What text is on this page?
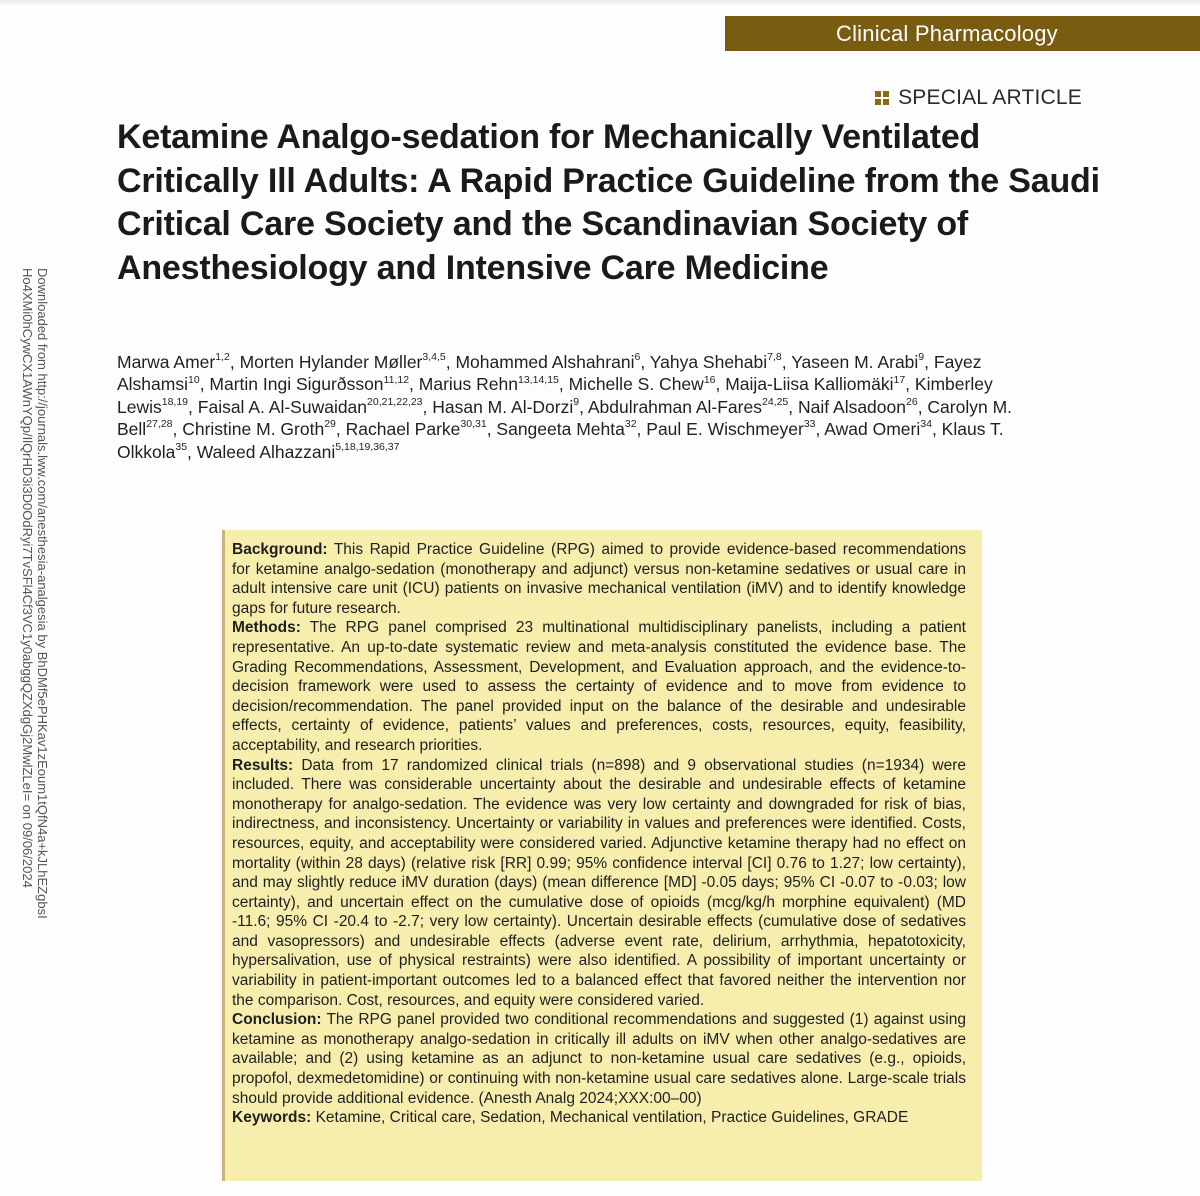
Clinical Pharmacology
SPECIAL ARTICLE
Ketamine Analgo-sedation for Mechanically Ventilated Critically Ill Adults: A Rapid Practice Guideline from the Saudi Critical Care Society and the Scandinavian Society of Anesthesiology and Intensive Care Medicine

Marwa Amer$^{1,2}$, Morten Hylander Møller$^{3,4,5}$, Mohammed Alshahrani$^6$, Yahya Shehabi$^{7,8}$, Yaseen M. Arabi$^9$, Fayez Alshamsi$^{10}$, Martin Ingi Sigurðsson$^{11,12}$, Marius Rehn$^{13,14,15}$, Michelle S. Chew$^{16}$, Maija-Liisa Kalliomäki$^{17}$, Kimberley Lewis$^{18,19}$, Faisal A. Al-Suwaidan$^{20,21,22,23}$, Hasan M. Al-Dorzi$^9$, Abdulrahman Al-Fares$^{24,25}$, Naif Alsadoon$^{26}$, Carolyn M. Bell$^{27,28}$, Christine M. Groth$^{29}$, Rachael Parke$^{30,31}$, Sangeeta Mehta$^{32}$, Paul E. Wischmeyer$^{33}$, Awad Omeri$^{34}$, Klaus T. Olkkola$^{35}$, Waleed Alhazzani$^{5,18,19,36,37}$

Downloaded from http://journals.lww.com/anesthesia-analgesia by BhDMf5ePHKav1zEoum1tQfN4a+kJLhEZgbsI
Ho4XMi0hCywCX1AWnYQp/IlQrHD3i3D0OdRyi7TvSFl4Cf3VC1y0abggQZXdgGj2MwlZLeI= on 09/06/2024	Background: This Rapid Practice Guideline (RPG) aimed to provide evidence-based recommendations for ketamine analgo-sedation (monotherapy and adjunct) versus non-ketamine sedatives or usual care in adult intensive care unit (ICU) patients on invasive mechanical ventilation (iMV) and to identify knowledge gaps for future research.

Methods: The RPG panel comprised 23 multinational multidisciplinary panelists, including a patient representative. An up-to-date systematic review and meta-analysis constituted the evidence base. The Grading Recommendations, Assessment, Development, and Evaluation approach, and the evidence-to-decision framework were used to assess the certainty of evidence and to move from evidence to decision/recommendation. The panel provided input on the balance of the desirable and undesirable effects, certainty of evidence, patients’ values and preferences, costs, resources, equity, feasibility, acceptability, and research priorities.

Results: Data from 17 randomized clinical trials (n=898) and 9 observational studies (n=1934) were included. There was considerable uncertainty about the desirable and undesirable effects of ketamine monotherapy for analgo-sedation. The evidence was very low certainty and downgraded for risk of bias, indirectness, and inconsistency. Uncertainty or variability in values and preferences were identified. Costs, resources, equity, and acceptability were considered varied. Adjunctive ketamine therapy had no effect on mortality (within 28 days) (relative risk [RR] 0.99; 95% confidence interval [CI] 0.76 to 1.27; low certainty), and may slightly reduce iMV duration (days) (mean difference [MD] -0.05 days; 95% CI -0.07 to -0.03; low certainty), and uncertain effect on the cumulative dose of opioids (mcg/kg/h morphine equivalent) (MD -11.6; 95% CI -20.4 to -2.7; very low certainty). Uncertain desirable effects (cumulative dose of sedatives and vasopressors) and undesirable effects (adverse event rate, delirium, arrhythmia, hepatotoxicity, hypersalivation, use of physical restraints) were also identified. A possibility of important uncertainty or variability in patient-important outcomes led to a balanced effect that favored neither the intervention nor the comparison. Cost, resources, and equity were considered varied.

Conclusion: The RPG panel provided two conditional recommendations and suggested (1) against using ketamine as monotherapy analgo-sedation in critically ill adults on iMV when other analgo-sedatives are available; and (2) using ketamine as an adjunct to non-ketamine usual care sedatives (e.g., opioids, propofol, dexmedetomidine) or continuing with non-ketamine usual care sedatives alone. Large-scale trials should provide additional evidence. (Anesth Analg 2024;XXX:00–00)

Keywords: Ketamine, Critical care, Sedation, Mechanical ventilation, Practice Guidelines, GRADE
